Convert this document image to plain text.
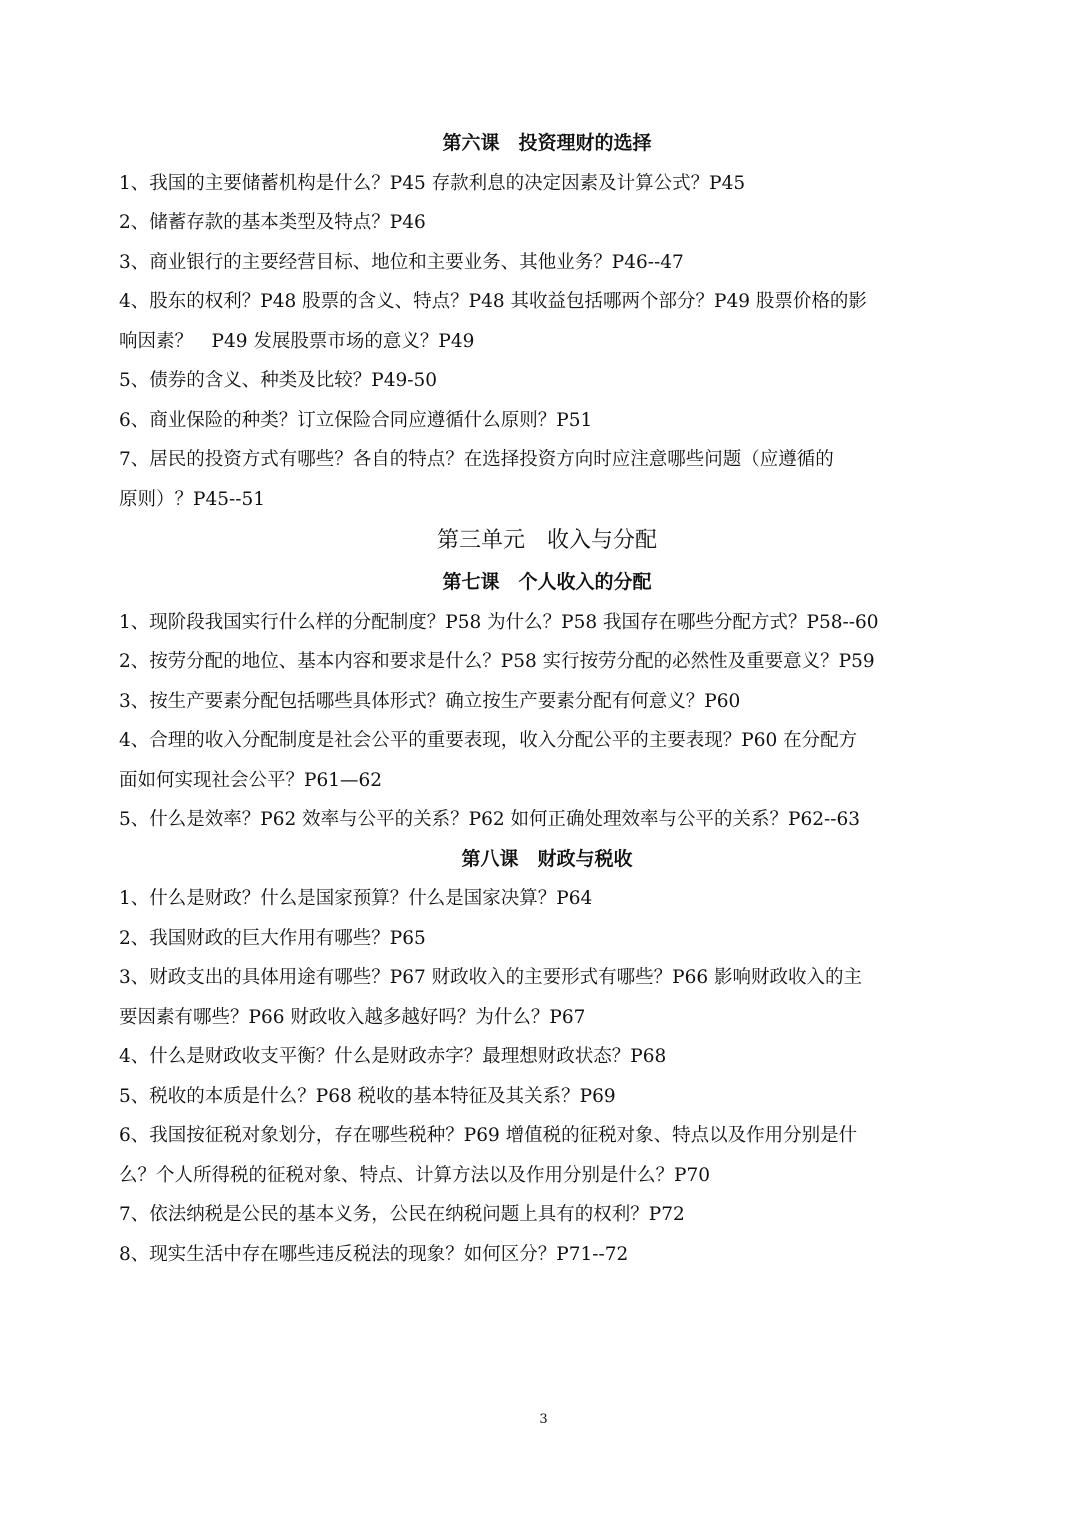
第六课　投资理财的选择
1、我国的主要储蓄机构是什么？P45 存款利息的决定因素及计算公式？P45
2、储蓄存款的基本类型及特点？P46
3、商业银行的主要经营目标、地位和主要业务、其他业务？P46--47
4、股东的权利？P48 股票的含义、特点？P48 其收益包括哪两个部分？P49 股票价格的影
响因素？　P49 发展股票市场的意义？P49
5、债券的含义、种类及比较？P49-50
6、商业保险的种类？订立保险合同应遵循什么原则？P51
7、居民的投资方式有哪些？各自的特点？在选择投资方向时应注意哪些问题（应遵循的
原则）？P45--51
第三单元　收入与分配
第七课　个人收入的分配
1、现阶段我国实行什么样的分配制度？P58 为什么？P58 我国存在哪些分配方式？P58--60
2、按劳分配的地位、基本内容和要求是什么？P58 实行按劳分配的必然性及重要意义？P59
3、按生产要素分配包括哪些具体形式？确立按生产要素分配有何意义？P60
4、合理的收入分配制度是社会公平的重要表现，收入分配公平的主要表现？P60 在分配方
面如何实现社会公平？P61—62
5、什么是效率？P62 效率与公平的关系？P62 如何正确处理效率与公平的关系？P62--63
第八课　财政与税收
1、什么是财政？什么是国家预算？什么是国家决算？P64
2、我国财政的巨大作用有哪些？P65
3、财政支出的具体用途有哪些？P67 财政收入的主要形式有哪些？P66 影响财政收入的主
要因素有哪些？P66 财政收入越多越好吗？为什么？P67
4、什么是财政收支平衡？什么是财政赤字？最理想财政状态？P68
5、税收的本质是什么？P68 税收的基本特征及其关系？P69
6、我国按征税对象划分，存在哪些税种？P69 增值税的征税对象、特点以及作用分别是什
么？个人所得税的征税对象、特点、计算方法以及作用分别是什么？P70
7、依法纳税是公民的基本义务，公民在纳税问题上具有的权利？P72
8、现实生活中存在哪些违反税法的现象？如何区分？P71--72
3
